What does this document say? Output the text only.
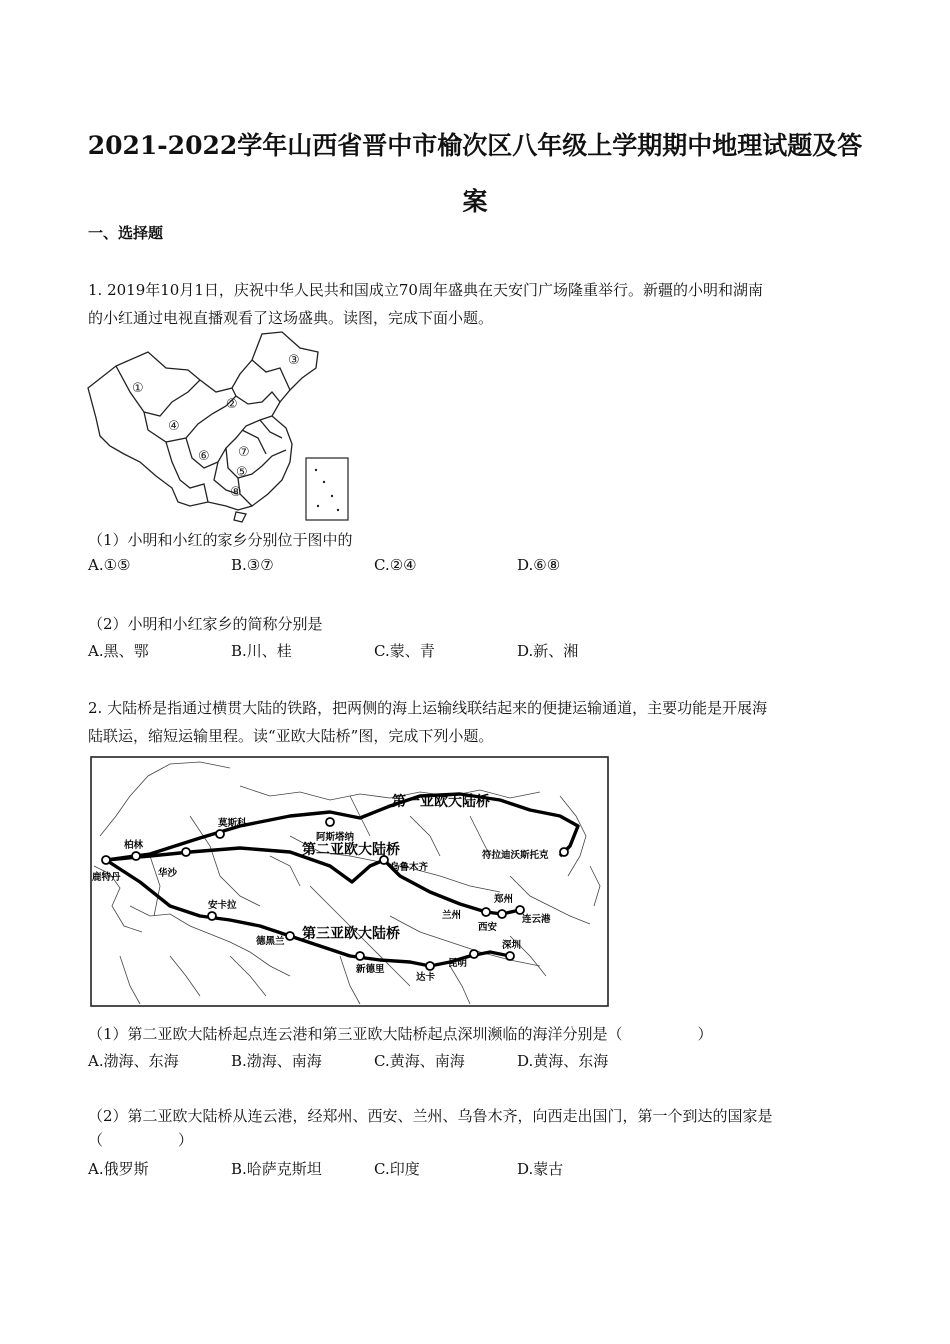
2021-2022学年山西省晋中市榆次区八年级上学期期中地理试题及答
案
一、选择题
1. 2019年10月1日，庆祝中华人民共和国成立70周年盛典在天安门广场隆重举行。新疆的小明和湖南
的小红通过电视直播观看了这场盛典。读图，完成下面小题。
①
②
③
④
⑤
⑥ ⑦
⑧
（1）小明和小红的家乡分别位于图中的
A.①⑤	B.③⑦	C.②④	D.⑥⑧
（2）小明和小红家乡的简称分别是
A.黑、鄂	B.川、桂	C.蒙、青	D.新、湘
2. 大陆桥是指通过横贯大陆的铁路，把两侧的海上运输线联结起来的便捷运输通道，主要功能是开展海
陆联运，缩短运输里程。读“亚欧大陆桥”图，完成下列小题。
第一亚欧大陆桥
第二亚欧大陆桥
第三亚欧大陆桥
莫斯科
阿斯塔纳
柏林
鹿特丹	华沙
安卡拉
德黑兰
新德里
达卡
昆明
深圳
乌鲁木齐
兰州
西安
郑州
连云港
符拉迪沃斯托克
（1）第二亚欧大陆桥起点连云港和第三亚欧大陆桥起点深圳濒临的海洋分别是（　　　　　）
A.渤海、东海	B.渤海、南海	C.黄海、南海	D.黄海、东海
（2）第二亚欧大陆桥从连云港，经郑州、西安、兰州、乌鲁木齐，向西走出国门，第一个到达的国家是
（　　　　　）
A.俄罗斯	B.哈萨克斯坦	C.印度	D.蒙古
